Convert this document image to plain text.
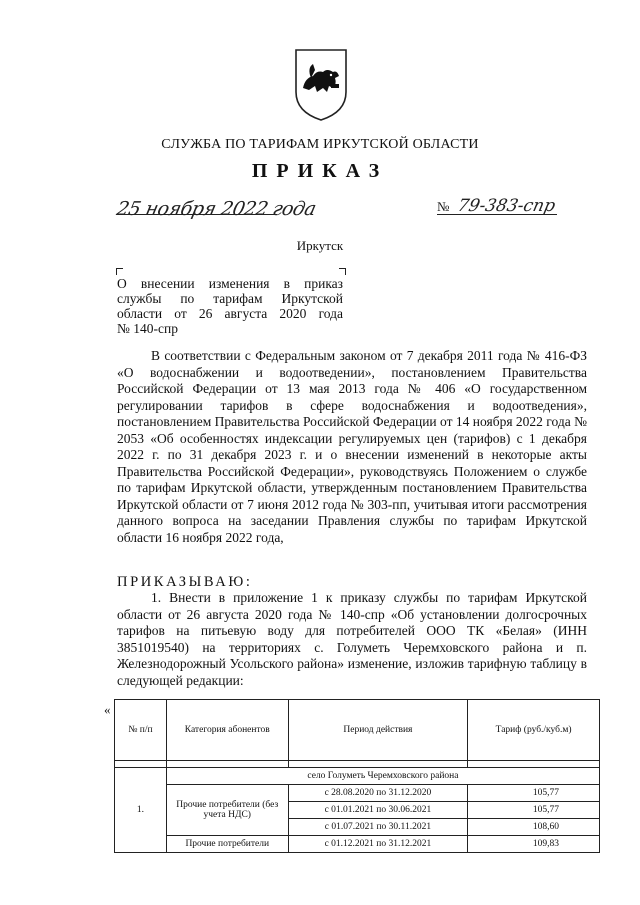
СЛУЖБА ПО ТАРИФАМ ИРКУТСКОЙ ОБЛАСТИ
ПРИКАЗ
25 ноября 2022 года	№ 79-383-спр
Иркутск
О внесении изменения в приказ
службы по тарифам Иркутской
области от 26 августа 2020 года
№ 140-спр

В соответствии с Федеральным законом от 7 декабря 2011 года № 416-ФЗ «О водоснабжении и водоотведении», постановлением Правительства Российской Федерации от 13 мая 2013 года № 406 «О государственном регулировании тарифов в сфере водоснабжения и водоотведения», постановлением Правительства Российской Федерации от 14 ноября 2022 года № 2053 «Об особенностях индексации регулируемых цен (тарифов) с 1 декабря 2022 г. по 31 декабря 2023 г. и о внесении изменений в некоторые акты Правительства Российской Федерации», руководствуясь Положением о службе по тарифам Иркутской области, утвержденным постановлением Правительства Иркутской области от 7 июня 2012 года № 303-пп, учитывая итоги рассмотрения данного вопроса на заседании Правления службы по тарифам Иркутской области 16 ноября 2022 года,

ПРИКАЗЫВАЮ:

1. Внести в приложение 1 к приказу службы по тарифам Иркутской области от 26 августа 2020 года № 140-спр «Об установлении долгосрочных тарифов на питьевую воду для потребителей ООО ТК «Белая» (ИНН 3851019540) на территориях с. Голуметь Черемховского района и п. Железнодорожный Усольского района» изменение, изложив тарифную таблицу в следующей редакции:

«
№ п/п	Категория абонентов	Период действия	Тариф (руб./куб.м)

1.	село Голуметь Черемховского района		
	Прочие потребители (без учета НДС)	с 28.08.2020 по 31.12.2020	105,77
		с 01.01.2021 по 30.06.2021	105,77
		с 01.07.2021 по 30.11.2021	108,60
	Прочие потребители	с 01.12.2021 по 31.12.2021	109,83
